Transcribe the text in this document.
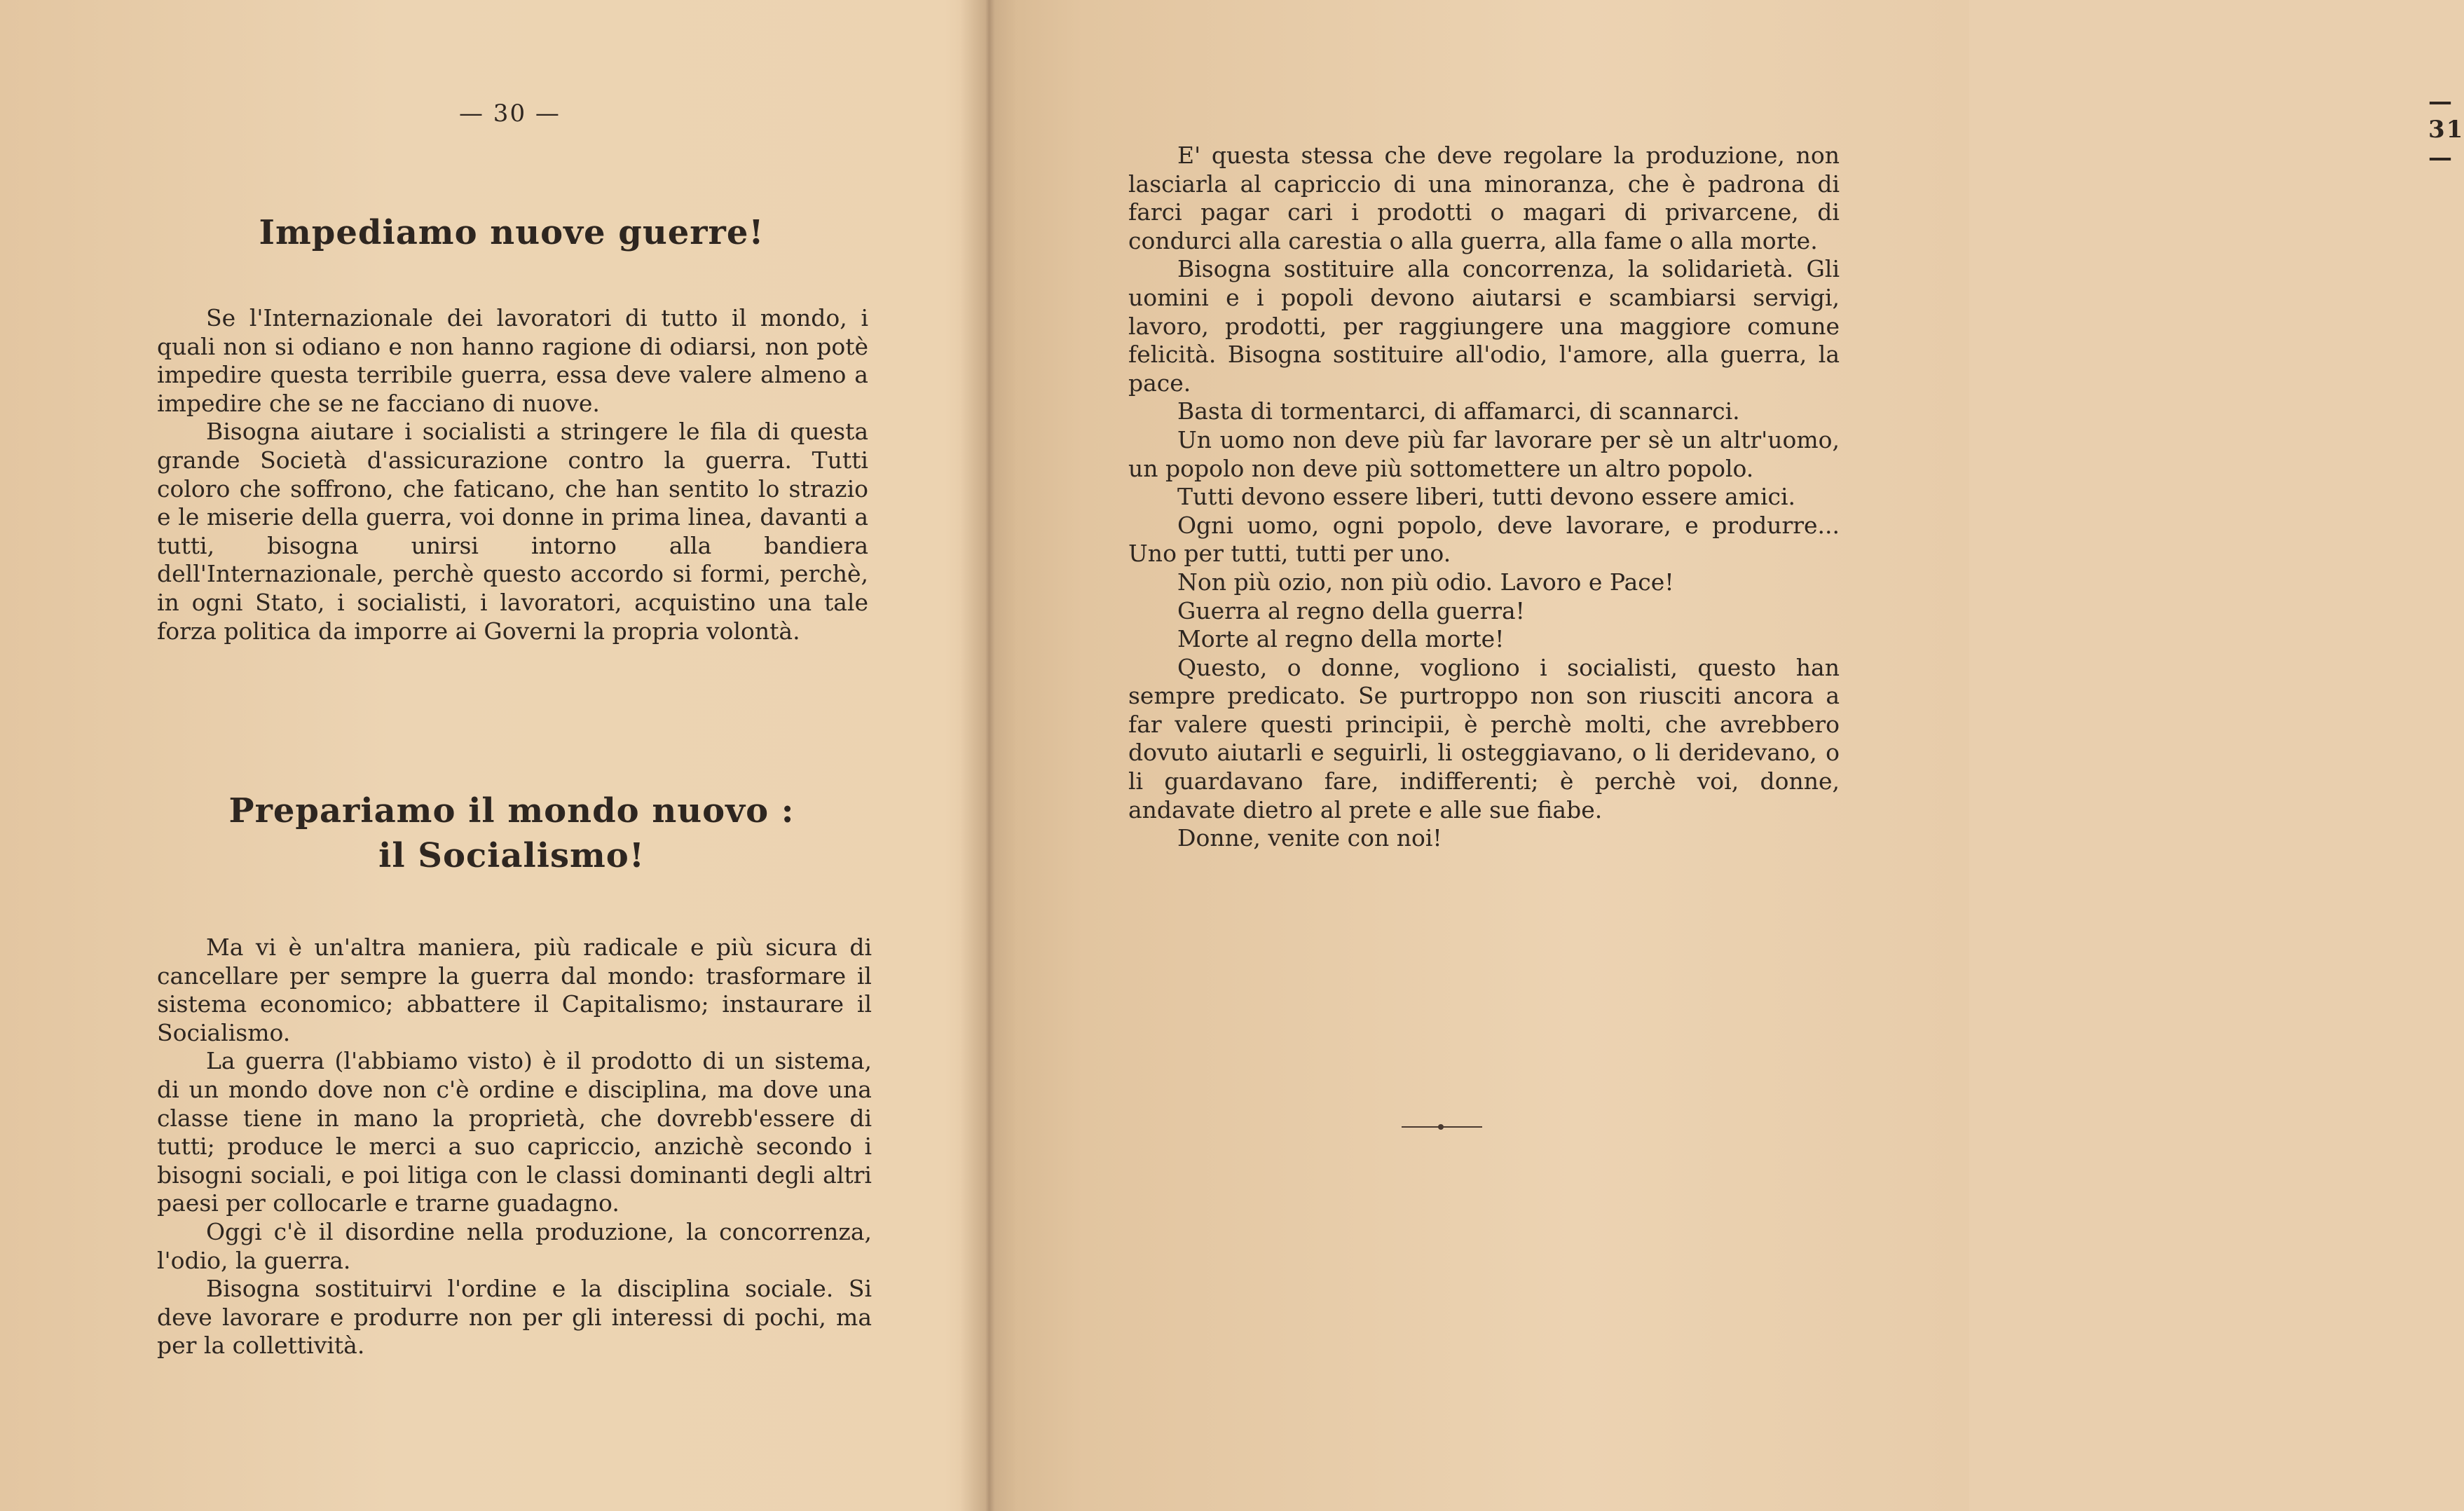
— 30 —
Impediamo nuove guerre!

Se l'Internazionale dei lavoratori di tutto il mondo, i quali non si odiano e non hanno ragione di odiarsi, non potè impedire questa terribile guerra, essa deve valere almeno a impedire che se ne facciano di nuove.

Bisogna aiutare i socialisti a stringere le fila di questa grande Società d'assicurazione contro la guerra. Tutti coloro che soffrono, che faticano, che han sentito lo strazio e le miserie della guerra, voi donne in prima linea, davanti a tutti, bisogna unirsi intorno alla bandiera dell'Internazionale, perchè questo accordo si formi, perchè, in ogni Stato, i socialisti, i lavoratori, acquistino una tale forza politica da imporre ai Governi la propria volontà.

Prepariamo il mondo nuovo :
il Socialismo!

Ma vi è un'altra maniera, più radicale e più sicura di cancellare per sempre la guerra dal mondo: trasformare il sistema economico; abbattere il Capitalismo; instaurare il Socialismo.

La guerra (l'abbiamo visto) è il prodotto di un sistema, di un mondo dove non c'è ordine e disciplina, ma dove una classe tiene in mano la proprietà, che dovrebb'essere di tutti; produce le merci a suo capriccio, anzichè secondo i bisogni sociali, e poi litiga con le classi dominanti degli altri paesi per collocarle e trarne guadagno.

Oggi c'è il disordine nella produzione, la concorrenza, l'odio, la guerra.

Bisogna sostituirvi l'ordine e la disciplina sociale. Si deve lavorare e produrre non per gli interessi di pochi, ma per la collettività.

— 31 —

E' questa stessa che deve regolare la produzione, non lasciarla al capriccio di una minoranza, che è padrona di farci pagar cari i prodotti o magari di privarcene, di condurci alla carestia o alla guerra, alla fame o alla morte.

Bisogna sostituire alla concorrenza, la solidarietà. Gli uomini e i popoli devono aiutarsi e scambiarsi servigi, lavoro, prodotti, per raggiungere una maggiore comune felicità. Bisogna sostituire all'odio, l'amore, alla guerra, la pace.

Basta di tormentarci, di affamarci, di scannarci.

Un uomo non deve più far lavorare per sè un altr'uomo, un popolo non deve più sottomettere un altro popolo.

Tutti devono essere liberi, tutti devono essere amici.

Ogni uomo, ogni popolo, deve lavorare, e produrre... Uno per tutti, tutti per uno.

Non più ozio, non più odio. Lavoro e Pace!

Guerra al regno della guerra!

Morte al regno della morte!

Questo, o donne, vogliono i socialisti, questo han sempre predicato. Se purtroppo non son riusciti ancora a far valere questi principii, è perchè molti, che avrebbero dovuto aiutarli e seguirli, li osteggiavano, o li deridevano, o li guardavano fare, indifferenti; è perchè voi, donne, andavate dietro al prete e alle sue fiabe.

Donne, venite con noi!
